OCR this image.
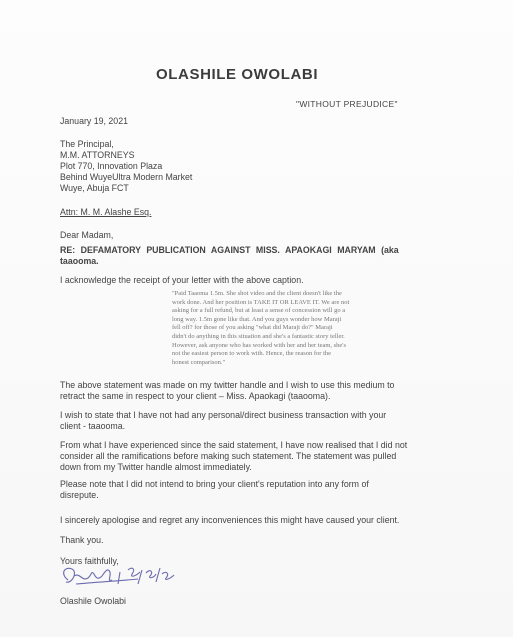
OLASHILE OWOLABI
"WITHOUT PREJUDICE"
January 19, 2021
The Principal,
M.M. ATTORNEYS
Plot 770, Innovation Plaza
Behind WuyeUltra Modern Market
Wuye, Abuja FCT
Attn: M. M. Alashe Esq.
Dear Madam,
RE: DEFAMATORY PUBLICATION AGAINST MISS. APAOKAGI MARYAM (aka
taaooma.
I acknowledge the receipt of your letter with the above caption.
"Paid Taaoma 1.5m. She shot video and the client doesn't like the
work done. And her position is TAKE IT OR LEAVE IT. We are not
asking for a full refund, but at least a sense of concession will go a
long way. 1.5m gone like that. And you guys wonder how Maraji
fell off? for those of you asking "what did Maraji do?" Maraji
didn't do anything in this situation and she's a fantastic story teller.
However, ask anyone who has worked with her and her team, she's
not the easiest person to work with. Hence, the reason for the
honest comparison."
The above statement was made on my twitter handle and I wish to use this medium to
retract the same in respect to your client – Miss. Apaokagi (taaooma).
I wish to state that I have not had any personal/direct business transaction with your
client - taaooma.
From what I have experienced since the said statement, I have now realised that I did not
consider all the ramifications before making such statement. The statement was pulled
down from my Twitter handle almost immediately.
Please note that I did not intend to bring your client's reputation into any form of
disrepute.
I sincerely apologise and regret any inconveniences this might have caused your client.
Thank you.
Yours faithfully,
Olashile Owolabi
